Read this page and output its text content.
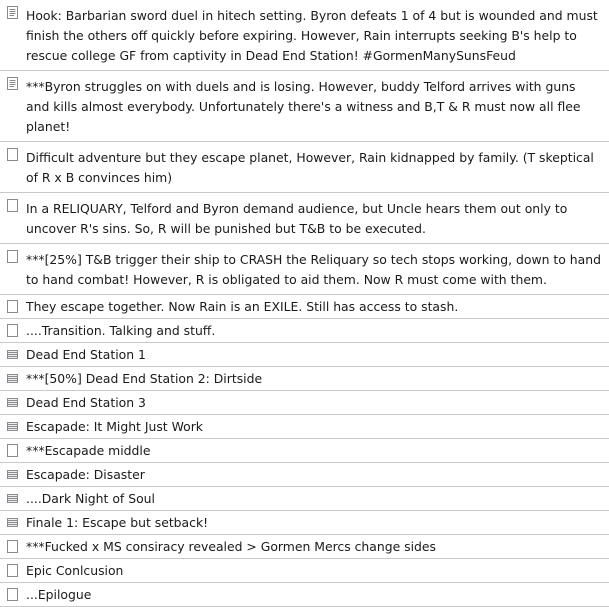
Hook: Barbarian sword duel in hitech setting. Byron defeats 1 of 4 but is wounded and must finish the others off quickly before expiring. However, Rain interrupts seeking B's help to rescue college GF from captivity in Dead End Station! #GormenManySunsFeud
***Byron struggles on with duels and is losing. However, buddy Telford arrives with guns and kills almost everybody. Unfortunately there's a witness and B,T & R must now all flee planet!
Difficult adventure but they escape planet, However, Rain kidnapped by family. (T skeptical of R x B convinces him)
In a RELIQUARY, Telford and Byron demand audience, but Uncle hears them out only to uncover R's sins. So, R will be punished but T&B to be executed.
***[25%] T&B trigger their ship to CRASH the Reliquary so tech stops working, down to hand to hand combat! However, R is obligated to aid them. Now R must come with them.
They escape together. Now Rain is an EXILE. Still has access to stash.
....Transition. Talking and stuff.
Dead End Station 1
***[50%] Dead End Station 2: Dirtside
Dead End Station 3
Escapade: It Might Just Work
***Escapade middle
Escapade: Disaster
....Dark Night of Soul
Finale 1: Escape but setback!
***Fucked x MS consiracy revealed > Gormen Mercs change sides
Epic Conlcusion
...Epilogue
